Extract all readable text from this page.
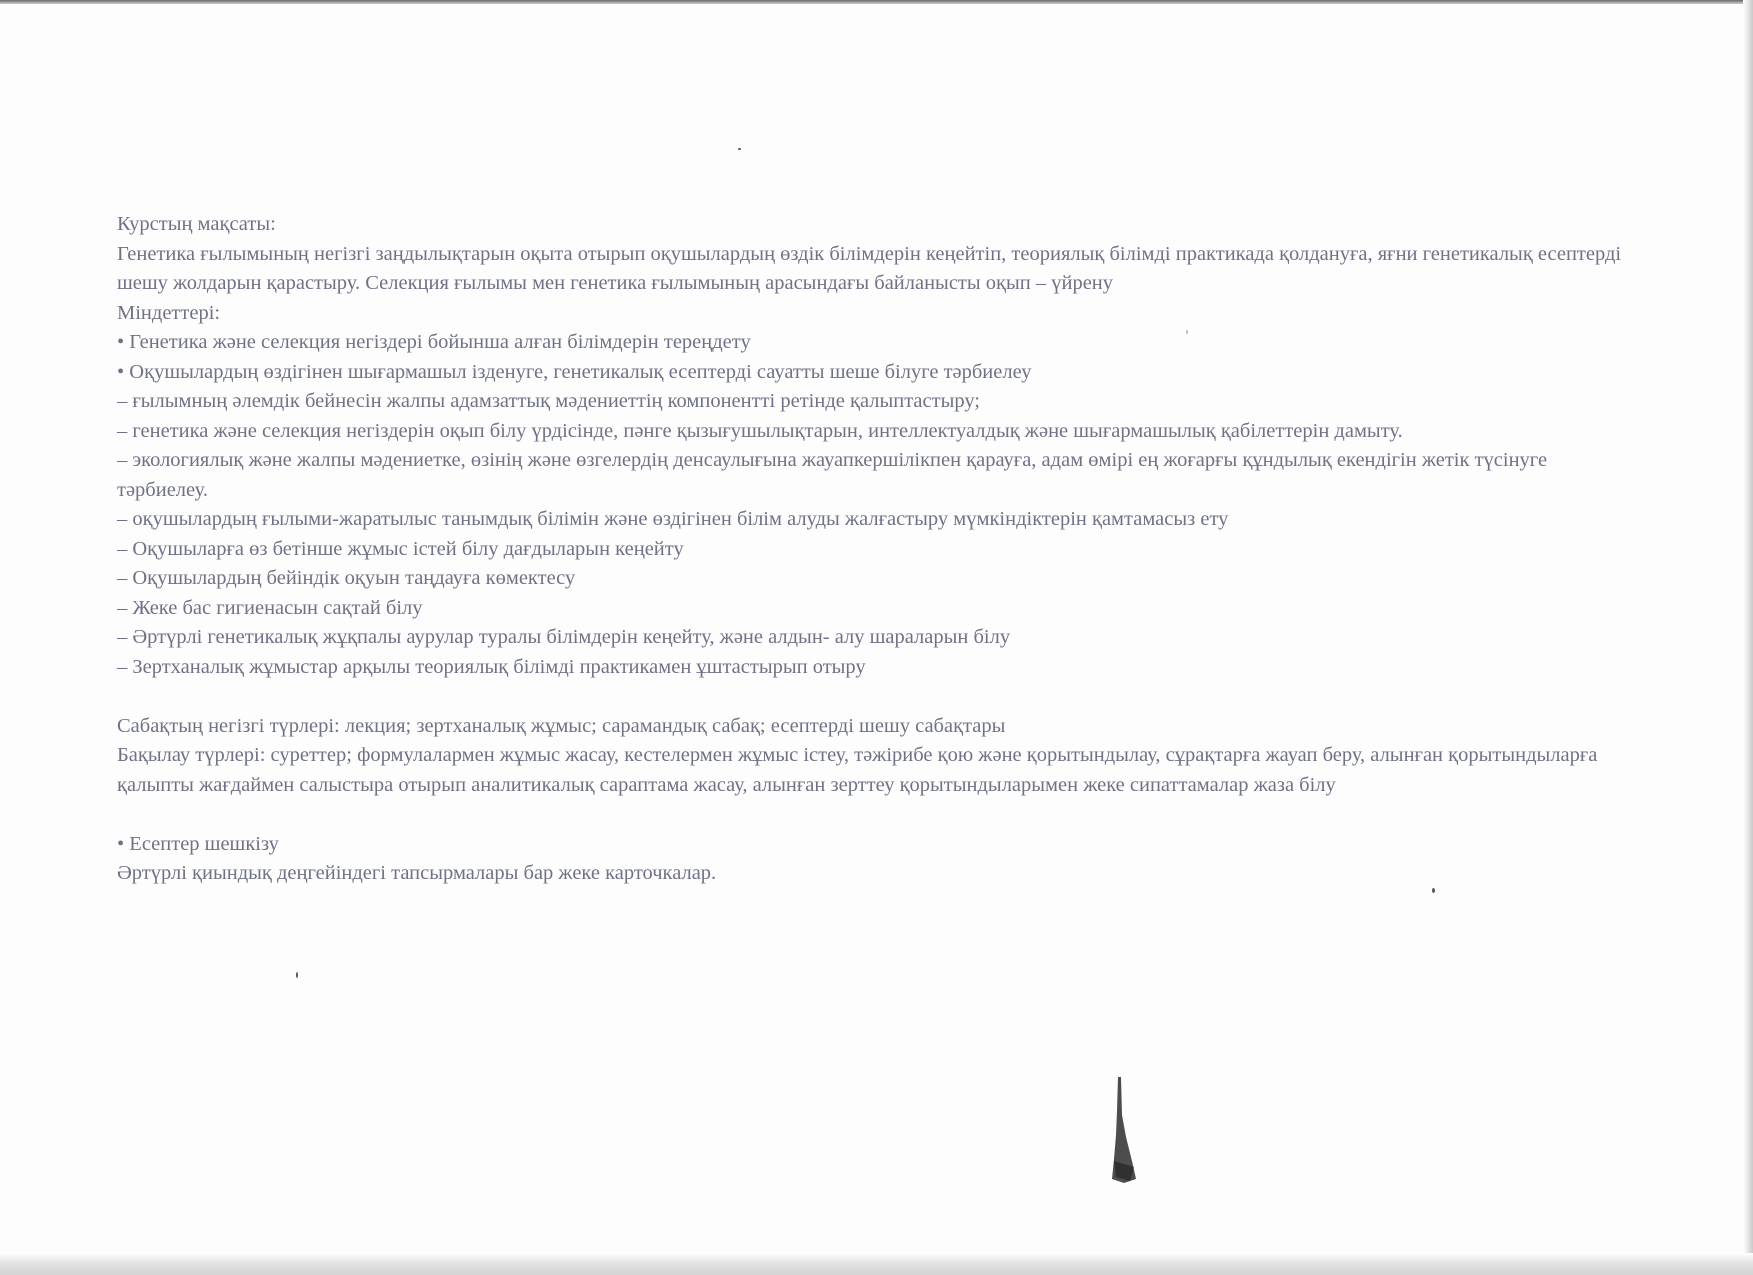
Курстың мақсаты:

Генетика ғылымының негізгі заңдылықтарын оқыта отырып оқушылардың өздік білімдерін кеңейтіп, теориялық білімді практикада қолдануға, яғни генетикалық есептерді шешу жолдарын қарастыру. Селекция ғылымы мен генетика ғылымының арасындағы байланысты оқып – үйрену

Міндеттері:

• Генетика және селекция негіздері бойынша алған білімдерін тереңдету

• Оқушылардың өздігінен шығармашыл ізденуге, генетикалық есептерді сауатты шеше білуге тәрбиелеу

– ғылымның әлемдік бейнесін жалпы адамзаттық мәдениеттің компонентті ретінде қалыптастыру;

– генетика және селекция негіздерін оқып білу үрдісінде, пәнге қызығушылықтарын, интеллектуалдық және шығармашылық қабілеттерін дамыту.

– экологиялық және жалпы мәдениетке, өзінің және өзгелердің денсаулығына жауапкершілікпен қарауға, адам өмірі ең жоғарғы құндылық екендігін жетік түсінуге тәрбиелеу.

– оқушылардың ғылыми-жаратылыс танымдық білімін және өздігінен білім алуды жалғастыру мүмкіндіктерін қамтамасыз ету

– Оқушыларға өз бетінше жұмыс істей білу дағдыларын кеңейту

– Оқушылардың бейіндік оқуын таңдауға көмектесу

– Жеке бас гигиенасын сақтай білу

– Әртүрлі генетикалық жұқпалы аурулар туралы білімдерін кеңейту, және алдын- алу шараларын білу

– Зертханалық жұмыстар арқылы теориялық білімді практикамен ұштастырып отыру

Сабақтың негізгі түрлері: лекция; зертханалық жұмыс; сарамандық сабақ; есептерді шешу сабақтары

Бақылау түрлері: суреттер; формулалармен жұмыс жасау, кестелермен жұмыс істеу, тәжірибе қою және қорытындылау, сұрақтарға жауап беру, алынған қорытындыларға қалыпты жағдаймен салыстыра отырып аналитикалық сараптама жасау, алынған зерттеу қорытындыларымен жеке сипаттамалар жаза білу

• Есептер шешкізу

Әртүрлі қиындық деңгейіндегі тапсырмалары бар жеке карточкалар.
